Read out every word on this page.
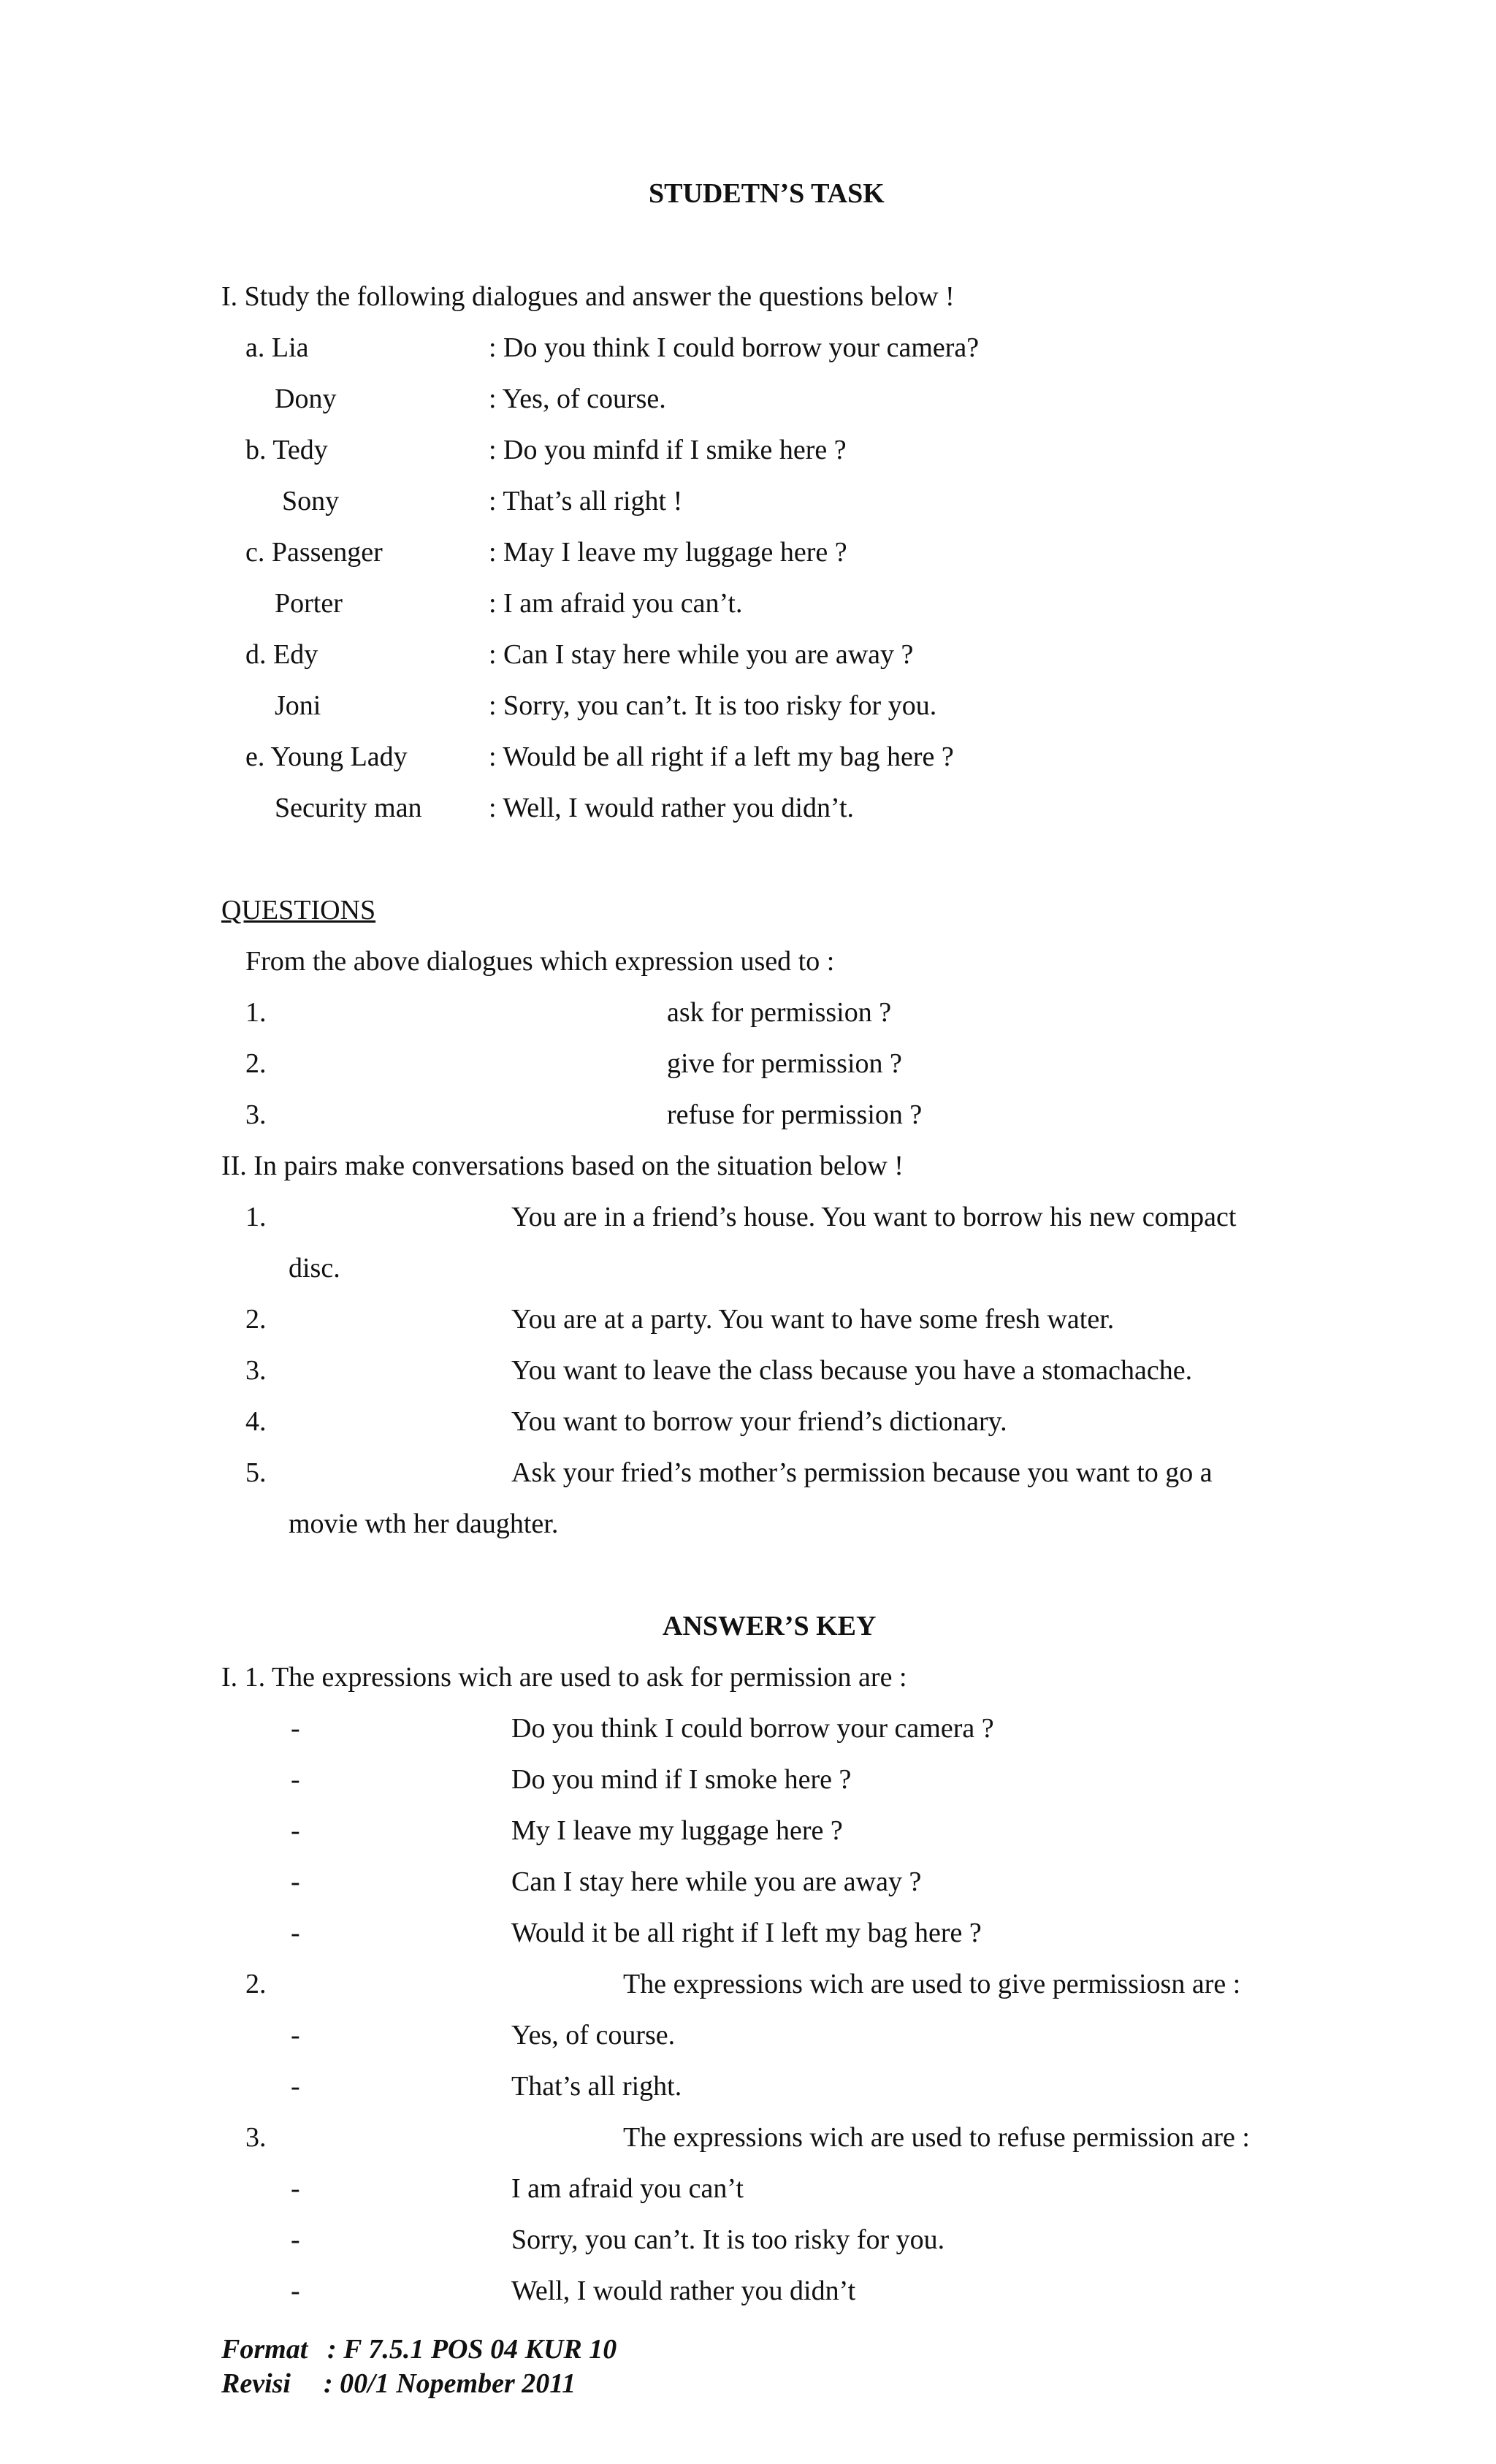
STUDETN’S TASK
I. Study the following dialogues and answer the questions below !
a. Lia	: Do you think I could borrow your camera?
Dony	: Yes, of course.
b. Tedy	: Do you minfd if I smike here ?
Sony	: That’s all right !
c. Passenger	: May I leave my luggage here ?
Porter	: I am afraid you can’t.
d. Edy	: Can I stay here while you are away ?
Joni	: Sorry, you can’t. It is too risky for you.
e. Young Lady	: Would be all right if a left my bag here ?
Security man : Well, I would rather you didn’t.
QUESTIONS
From the above dialogues which expression used to :
1.	ask for permission ?
2.	give for permission ?
3.	refuse for permission ?
II. In pairs make conversations based on the situation below !
1.	You are in a friend’s house. You want to borrow his new compact
disc.
2.	You are at a party. You want to have some fresh water.
3.	You want to leave the class because you have a stomachache.
4.	You want to borrow your friend’s dictionary.
5.	Ask your fried’s mother’s permission because you want to go a
movie wth her daughter.
ANSWER’S KEY
I. 1. The expressions wich are used to ask for permission are :
-	Do you think I could borrow your camera ?
-	Do you mind if I smoke here ?
-	My I leave my luggage here ?
-	Can I stay here while you are away ?
-	Would it be all right if I left my bag here ?
2.	The expressions wich are used to give permissiosn are :
-	Yes, of course.
-	That’s all right.
3.	The expressions wich are used to refuse permission are :
-	I am afraid you can’t
-	Sorry, you can’t. It is too risky for you.
-	Well, I would rather you didn’t
Format : F 7.5.1 POS 04 KUR 10
Revisi : 00/1 Nopember 2011
